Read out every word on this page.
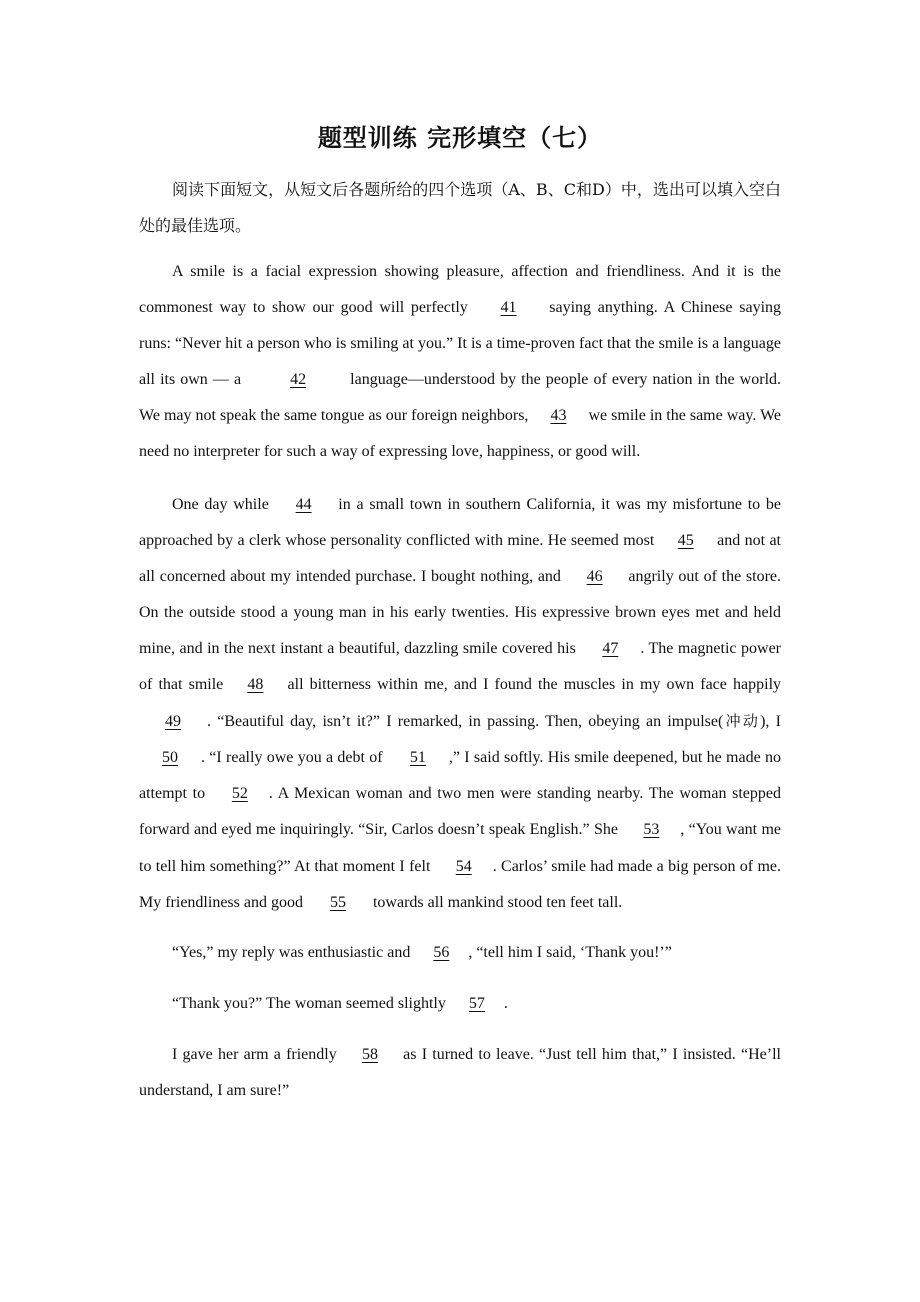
题型训练 完形填空（七）
阅读下面短文，从短文后各题所给的四个选项（A、B、C和D）中，选出可以填入空白处的最佳选项。

A smile is a facial expression showing pleasure, affection and friendliness. And it is the commonest way to show our good will perfectly 41 saying anything. A Chinese saying runs: “Never hit a person who is smiling at you.” It is a time-proven fact that the smile is a language all its own — a	42	language—understood by the people of every nation in the world. We may not speak the same tongue as our foreign neighbors, 43 we smile in the same way. We need no interpreter for such a way of expressing love, happiness, or good will.

One day while 44 in a small town in southern California, it was my misfortune to be approached by a clerk whose personality conflicted with mine. He seemed most 45 and not at all concerned about my intended purchase. I bought nothing, and 46 angrily out of the store. On the outside stood a young man in his early twenties. His expressive brown eyes met and held mine, and in the next instant a beautiful, dazzling smile covered his 47 . The magnetic power of that smile 48 all bitterness within me, and I found the muscles in my own face happily 49 . “Beautiful day, isn’t it?” I remarked, in passing. Then, obeying an impulse(冲动), I 50 . “I really owe you a debt of 51 ,” I said softly. His smile deepened, but he made no attempt to 52 . A Mexican woman and two men were standing nearby. The woman stepped forward and eyed me inquiringly. “Sir, Carlos doesn’t speak English.” She 53 , “You want me to tell him something?” At that moment I felt 54 . Carlos’ smile had made a big person of me. My friendliness and good 55 towards all mankind stood ten feet tall.

“Yes,” my reply was enthusiastic and 56 , “tell him I said, ‘Thank you!’”

“Thank you?” The woman seemed slightly 57 .

I gave her arm a friendly 58 as I turned to leave. “Just tell him that,” I insisted. “He’ll understand, I am sure!”
